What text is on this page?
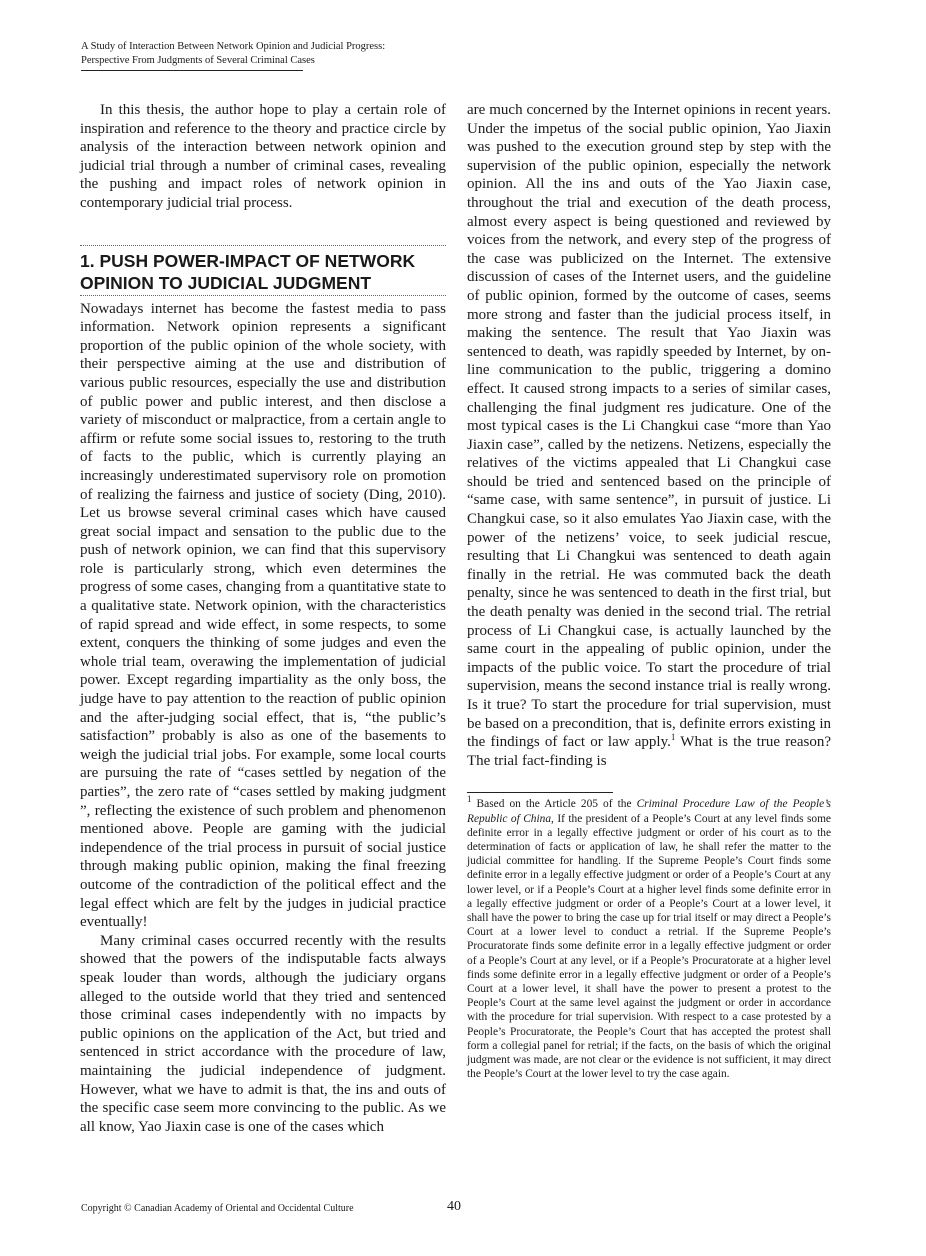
A Study of Interaction Between Network Opinion and Judicial Progress:
Perspective From Judgments of Several Criminal Cases

In this thesis, the author hope to play a certain role of inspiration and reference to the theory and practice circle by analysis of the interaction between network opinion and judicial trial through a number of criminal cases, revealing the pushing and impact roles of network opinion in contemporary judicial trial process.

1. PUSH POWER-IMPACT OF NETWORK OPINION TO JUDICIAL JUDGMENT

Nowadays internet has become the fastest media to pass information. Network opinion represents a significant proportion of the public opinion of the whole society, with their perspective aiming at the use and distribution of various public resources, especially the use and distribution of public power and public interest, and then disclose a variety of misconduct or malpractice, from a certain angle to affirm or refute some social issues to, restoring to the truth of facts to the public, which is currently playing an increasingly underestimated supervisory role on promotion of realizing the fairness and justice of society (Ding, 2010). Let us browse several criminal cases which have caused great social impact and sensation to the public due to the push of network opinion, we can find that this supervisory role is particularly strong, which even determines the progress of some cases, changing from a quantitative state to a qualitative state. Network opinion, with the characteristics of rapid spread and wide effect, in some respects, to some extent, conquers the thinking of some judges and even the whole trial team, overawing the implementation of judicial power. Except regarding impartiality as the only boss, the judge have to pay attention to the reaction of public opinion and the after-judging social effect, that is, “the public’s satisfaction” probably is also as one of the basements to weigh the judicial trial jobs. For example, some local courts are pursuing the rate of “cases settled by negation of the parties”, the zero rate of “cases settled by making judgment ”, reflecting the existence of such problem and phenomenon mentioned above. People are gaming with the judicial independence of the trial process in pursuit of social justice through making public opinion, making the final freezing outcome of the contradiction of the political effect and the legal effect which are felt by the judges in judicial practice eventually!

Many criminal cases occurred recently with the results showed that the powers of the indisputable facts always speak louder than words, although the judiciary organs alleged to the outside world that they tried and sentenced those criminal cases independently with no impacts by public opinions on the application of the Act, but tried and sentenced in strict accordance with the procedure of law, maintaining the judicial independence of judgment. However, what we have to admit is that, the ins and outs of the specific case seem more convincing to the public. As we all know, Yao Jiaxin case is one of the cases which

are much concerned by the Internet opinions in recent years. Under the impetus of the social public opinion, Yao Jiaxin was pushed to the execution ground step by step with the supervision of the public opinion, especially the network opinion. All the ins and outs of the Yao Jiaxin case, throughout the trial and execution of the death process, almost every aspect is being questioned and reviewed by voices from the network, and every step of the progress of the case was publicized on the Internet. The extensive discussion of cases of the Internet users, and the guideline of public opinion, formed by the outcome of cases, seems more strong and faster than the judicial process itself, in making the sentence. The result that Yao Jiaxin was sentenced to death, was rapidly speeded by Internet, by on-line communication to the public, triggering a domino effect. It caused strong impacts to a series of similar cases, challenging the final judgment res judicature. One of the most typical cases is the Li Changkui case “more than Yao Jiaxin case”, called by the netizens. Netizens, especially the relatives of the victims appealed that Li Changkui case should be tried and sentenced based on the principle of “same case, with same sentence”, in pursuit of justice. Li Changkui case, so it also emulates Yao Jiaxin case, with the power of the netizens’ voice, to seek judicial rescue, resulting that Li Changkui was sentenced to death again finally in the retrial. He was commuted back the death penalty, since he was sentenced to death in the first trial, but the death penalty was denied in the second trial. The retrial process of Li Changkui case, is actually launched by the same court in the appealing of public opinion, under the impacts of the public voice. To start the procedure of trial supervision, means the second instance trial is really wrong. Is it true? To start the procedure for trial supervision, must be based on a precondition, that is, definite errors existing in the findings of fact or law apply.$^1$ What is the true reason? The trial fact-finding is

$^1$ Based on the Article 205 of the Criminal Procedure Law of the People’s Republic of China, If the president of a People’s Court at any level finds some definite error in a legally effective judgment or order of his court as to the determination of facts or application of law, he shall refer the matter to the judicial committee for handling. If the Supreme People’s Court finds some definite error in a legally effective judgment or order of a People’s Court at any lower level, or if a People’s Court at a higher level finds some definite error in a legally effective judgment or order of a People’s Court at a lower level, it shall have the power to bring the case up for trial itself or may direct a People’s Court at a lower level to conduct a retrial. If the Supreme People’s Procuratorate finds some definite error in a legally effective judgment or order of a People’s Court at any level, or if a People’s Procuratorate at a higher level finds some definite error in a legally effective judgment or order of a People’s Court at a lower level, it shall have the power to present a protest to the People’s Court at the same level against the judgment or order in accordance with the procedure for trial supervision. With respect to a case protested by a People’s Procuratorate, the People’s Court that has accepted the protest shall form a collegial panel for retrial; if the facts, on the basis of which the original judgment was made, are not clear or the evidence is not sufficient, it may direct the People’s Court at the lower level to try the case again.
Copyright © Canadian Academy of Oriental and Occidental Culture	40
